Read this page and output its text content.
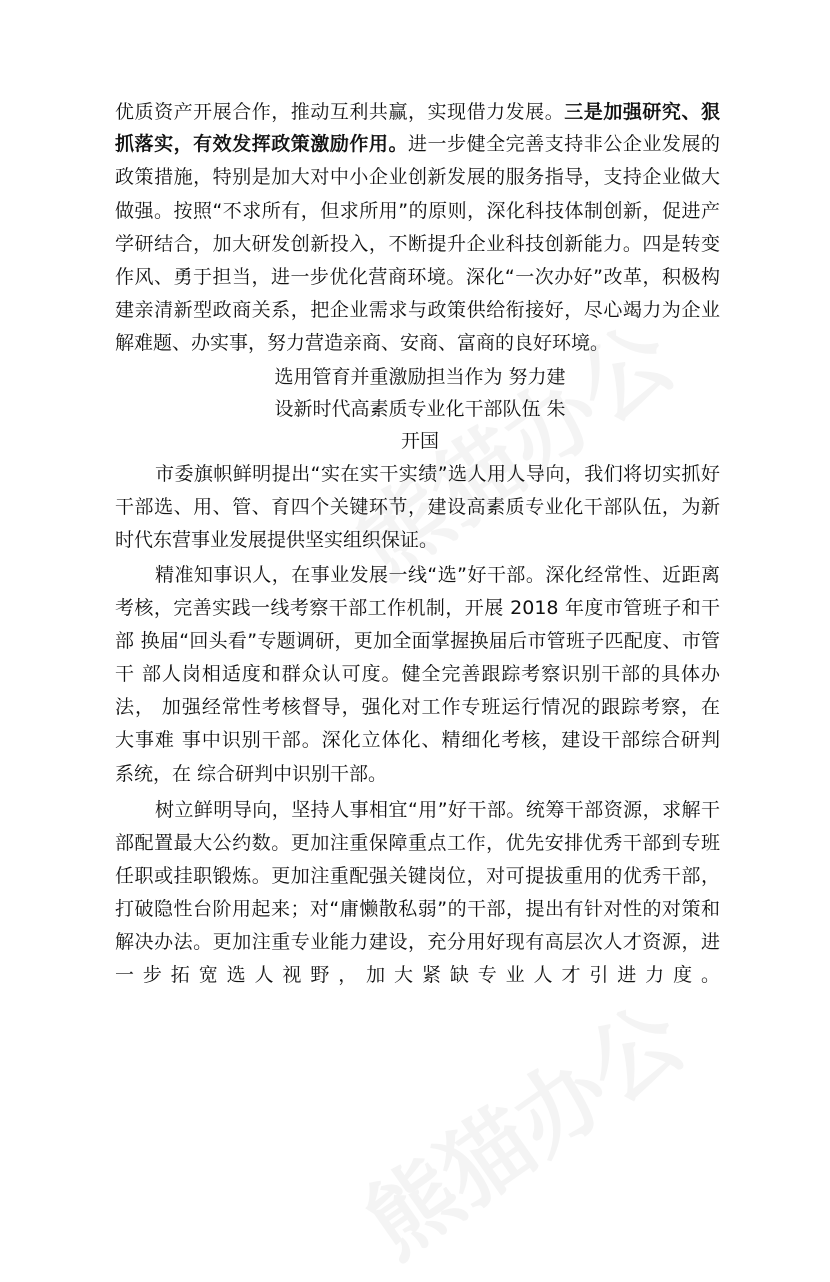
优质资产开展合作，推动互利共赢，实现借力发展。三是加强研究、狠
抓落实，有效发挥政策激励作用。进一步健全完善支持非公企业发展的
政策措施，特别是加大对中小企业创新发展的服务指导，支持企业做大
做强。按照“不求所有，但求所用”的原则，深化科技体制创新，促进产
学研结合，加大研发创新投入，不断提升企业科技创新能力。四是转变
作风、勇于担当，进一步优化营商环境。深化“一次办好”改革，积极构
建亲清新型政商关系，把企业需求与政策供给衔接好，尽心竭力为企业
解难题、办实事，努力营造亲商、安商、富商的良好环境。
选用管育并重激励担当作为 努力建
设新时代高素质专业化干部队伍 朱
开国
市委旗帜鲜明提出“实在实干实绩”选人用人导向，我们将切实抓好
干部选、用、管、育四个关键环节，建设高素质专业化干部队伍，为新
时代东营事业发展提供坚实组织保证。
精准知事识人，在事业发展一线“选”好干部。深化经常性、近距离
考核，完善实践一线考察干部工作机制，开展 2018 年度市管班子和干
部 换届“回头看”专题调研，更加全面掌握换届后市管班子匹配度、市管
干 部人岗相适度和群众认可度。健全完善跟踪考察识别干部的具体办
法， 加强经常性考核督导，强化对工作专班运行情况的跟踪考察，在
大事难 事中识别干部。深化立体化、精细化考核，建设干部综合研判
系统，在 综合研判中识别干部。
树立鲜明导向，坚持人事相宜“用”好干部。统筹干部资源，求解干
部配置最大公约数。更加注重保障重点工作，优先安排优秀干部到专班
任职或挂职锻炼。更加注重配强关键岗位，对可提拔重用的优秀干部，
打破隐性台阶用起来；对“庸懒散私弱”的干部，提出有针对性的对策和
解决办法。更加注重专业能力建设，充分用好现有高层次人才资源，进
一步拓宽选人视野，加大紧缺专业人才引进力度。
